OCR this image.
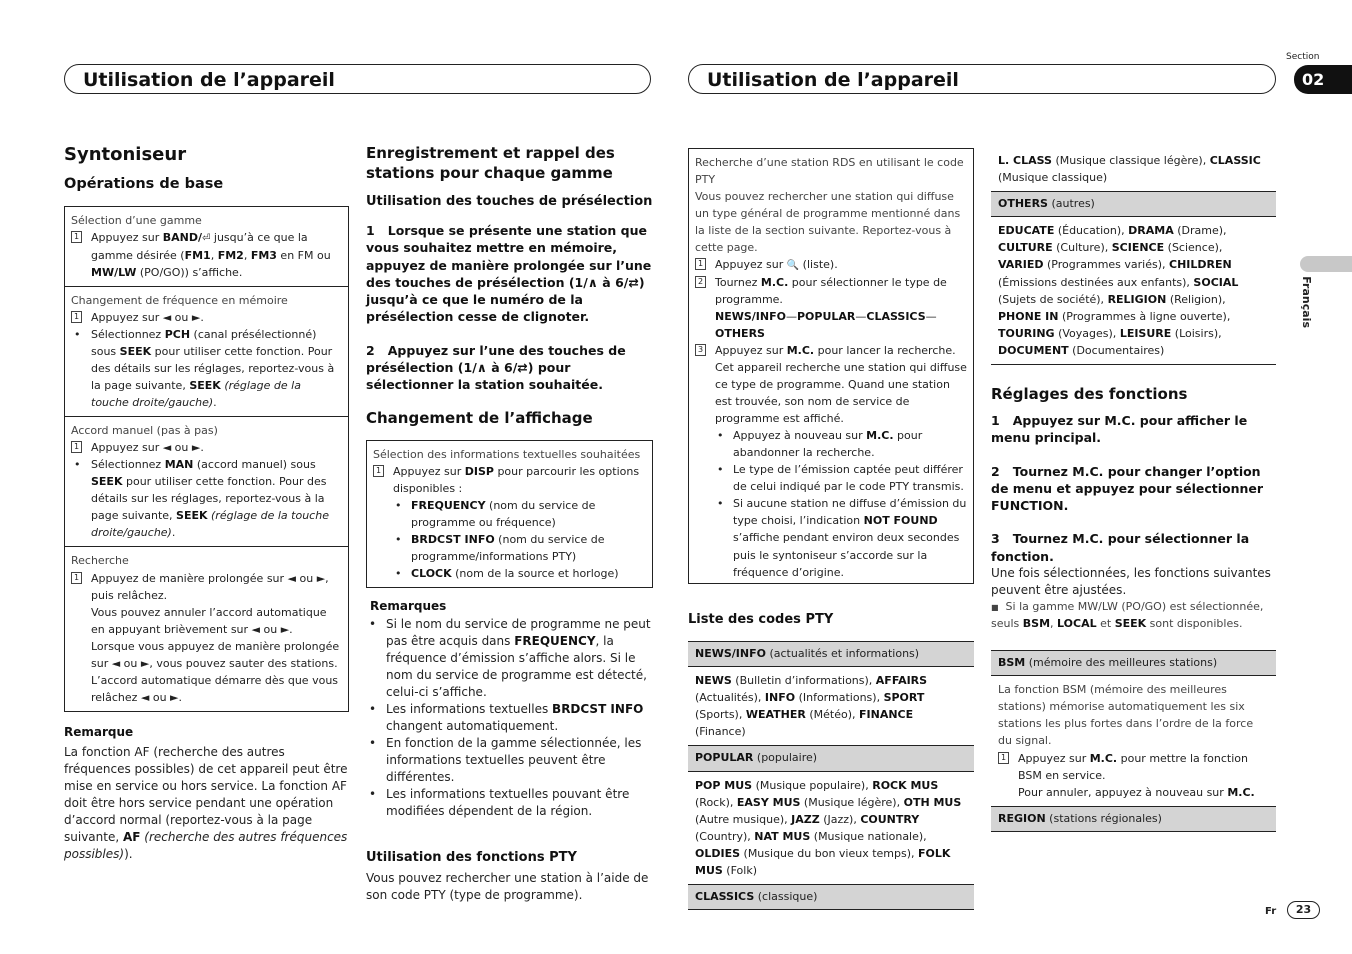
Utilisation de l’appareil	Utilisation de l’appareil
Section
02
Français
Syntoniseur
Opérations de base
Sélection d’une gamme
1 Appuyez sur BAND/⏎ jusqu’à ce que la gamme désirée (FM1, FM2, FM3 en FM ou MW/LW (PO/GO)) s’affiche.
Changement de fréquence en mémoire
1 Appuyez sur ◄ ou ►.
• Sélectionnez PCH (canal présélectionné) sous SEEK pour utiliser cette fonction. Pour des détails sur les réglages, reportez-vous à la page suivante, SEEK (réglage de la touche droite/gauche).
Accord manuel (pas à pas)
1 Appuyez sur ◄ ou ►.
• Sélectionnez MAN (accord manuel) sous SEEK pour utiliser cette fonction. Pour des détails sur les réglages, reportez-vous à la page suivante, SEEK (réglage de la touche droite/gauche).
Recherche
1 Appuyez de manière prolongée sur ◄ ou ►, puis relâchez.
Vous pouvez annuler l’accord automatique en appuyant brièvement sur ◄ ou ►.
Lorsque vous appuyez de manière prolongée sur ◄ ou ►, vous pouvez sauter des stations. L’accord automatique démarre dès que vous relâchez ◄ ou ►.
Remarque
La fonction AF (recherche des autres fréquences possibles) de cet appareil peut être mise en service ou hors service. La fonction AF doit être hors service pendant une opération d’accord normal (reportez-vous à la page suivante, AF (recherche des autres fréquences possibles)).
Enregistrement et rappel des stations pour chaque gamme
Utilisation des touches de présélection
1   Lorsque se présente une station que vous souhaitez mettre en mémoire, appuyez de manière prolongée sur l’une des touches de présélection (1/∧ à 6/⇄) jusqu’à ce que le numéro de la présélection cesse de clignoter.
2   Appuyez sur l’une des touches de présélection (1/∧ à 6/⇄) pour sélectionner la station souhaitée.
Changement de l’affichage
Sélection des informations textuelles souhaitées
1 Appuyez sur DISP pour parcourir les options disponibles :
• FREQUENCY (nom du service de programme ou fréquence)
• BRDCST INFO (nom du service de programme/informations PTY)
• CLOCK (nom de la source et horloge)
Remarques
• Si le nom du service de programme ne peut pas être acquis dans FREQUENCY, la fréquence d’émission s’affiche alors. Si le nom du service de programme est détecté, celui-ci s’affiche.
• Les informations textuelles BRDCST INFO changent automatiquement.
• En fonction de la gamme sélectionnée, les informations textuelles peuvent être différentes.
• Les informations textuelles pouvant être modifiées dépendent de la région.
Utilisation des fonctions PTY
Vous pouvez rechercher une station à l’aide de son code PTY (type de programme).
Recherche d’une station RDS en utilisant le code PTY
Vous pouvez rechercher une station qui diffuse un type général de programme mentionné dans la liste de la section suivante. Reportez-vous à cette page.
1 Appuyez sur 🔍 (liste).
2 Tournez M.C. pour sélectionner le type de programme.
NEWS/INFO—POPULAR—CLASSICS—OTHERS
3 Appuyez sur M.C. pour lancer la recherche.
Cet appareil recherche une station qui diffuse ce type de programme. Quand une station est trouvée, son nom de service de programme est affiché.
• Appuyez à nouveau sur M.C. pour abandonner la recherche.
• Le type de l’émission captée peut différer de celui indiqué par le code PTY transmis.
• Si aucune station ne diffuse d’émission du type choisi, l’indication NOT FOUND s’affiche pendant environ deux secondes puis le syntoniseur s’accorde sur la fréquence d’origine.
Liste des codes PTY
NEWS/INFO (actualités et informations)
NEWS (Bulletin d’informations), AFFAIRS (Actualités), INFO (Informations), SPORT (Sports), WEATHER (Météo), FINANCE (Finance)
POPULAR (populaire)
POP MUS (Musique populaire), ROCK MUS (Rock), EASY MUS (Musique légère), OTH MUS (Autre musique), JAZZ (Jazz), COUNTRY (Country), NAT MUS (Musique nationale), OLDIES (Musique du bon vieux temps), FOLK MUS (Folk)
CLASSICS (classique)
L. CLASS (Musique classique légère), CLASSIC (Musique classique)
OTHERS (autres)
EDUCATE (Éducation), DRAMA (Drame), CULTURE (Culture), SCIENCE (Science), VARIED (Programmes variés), CHILDREN (Émissions destinées aux enfants), SOCIAL (Sujets de société), RELIGION (Religion), PHONE IN (Programmes à ligne ouverte), TOURING (Voyages), LEISURE (Loisirs), DOCUMENT (Documentaires)
Réglages des fonctions
1   Appuyez sur M.C. pour afficher le menu principal.
2   Tournez M.C. pour changer l’option de menu et appuyez pour sélectionner FUNCTION.
3   Tournez M.C. pour sélectionner la fonction.
Une fois sélectionnées, les fonctions suivantes peuvent être ajustées.
■  Si la gamme MW/LW (PO/GO) est sélectionnée, seuls BSM, LOCAL et SEEK sont disponibles.
BSM (mémoire des meilleures stations)
La fonction BSM (mémoire des meilleures stations) mémorise automatiquement les six stations les plus fortes dans l’ordre de la force du signal.
1 Appuyez sur M.C. pour mettre la fonction BSM en service.
Pour annuler, appuyez à nouveau sur M.C.
REGION (stations régionales)
Fr	23
